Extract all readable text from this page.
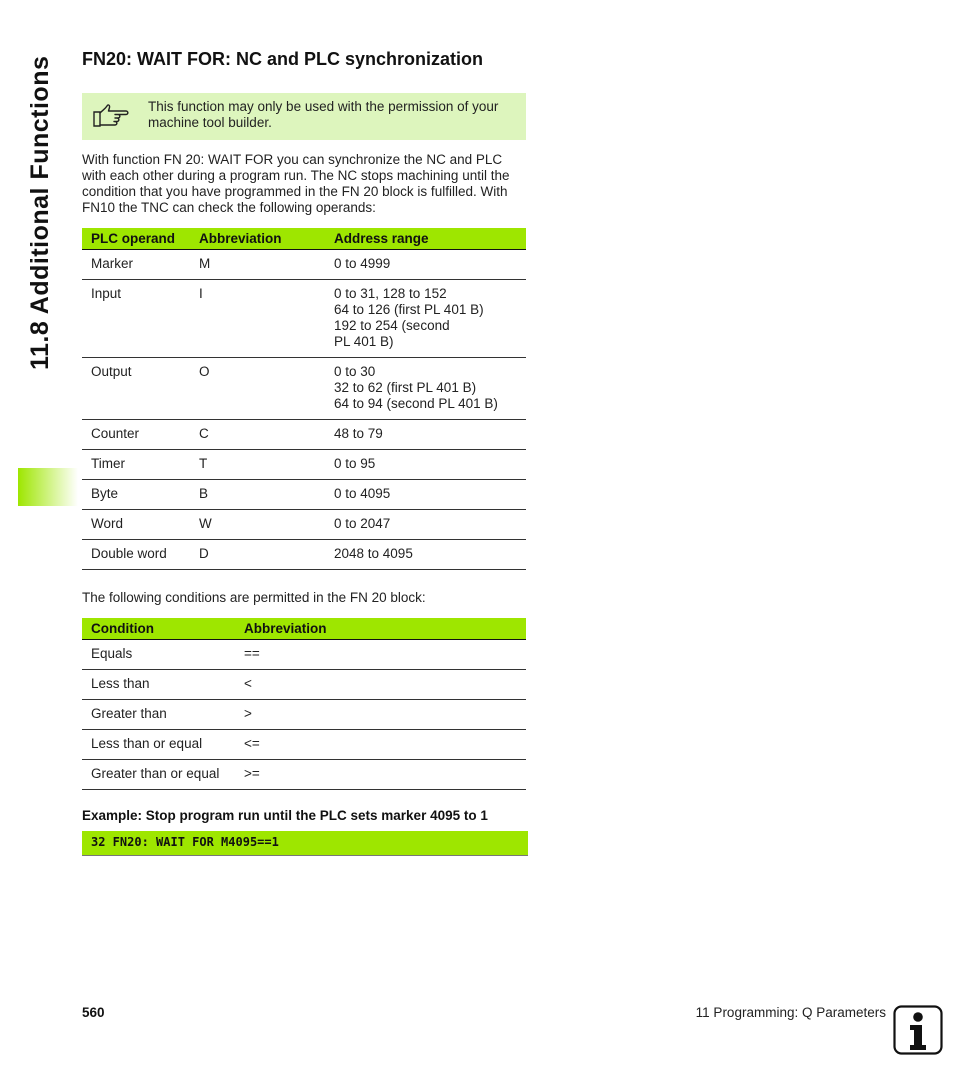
11.8 Additional Functions FN20: WAIT FOR: NC and PLC synchronization
This function may only be used with the permission of your machine tool builder.

With function FN 20: WAIT FOR you can synchronize the NC and PLC with each other during a program run. The NC stops machining until the condition that you have programmed in the FN 20 block is fulfilled. With FN10 the TNC can check the following operands:

PLC operand	Abbreviation	Address range
Marker	M	0 to 4999
Input	I	0 to 31, 128 to 152
64 to 126 (first PL 401 B)
192 to 254 (second
PL 401 B)
Output	O	0 to 30
32 to 62 (first PL 401 B)
64 to 94 (second PL 401 B)
Counter	C	48 to 79
Timer	T	0 to 95
Byte	B	0 to 4095
Word	W	0 to 2047
Double word	D	2048 to 4095

The following conditions are permitted in the FN 20 block:

Condition	Abbreviation
Equals	==
Less than	<
Greater than	>
Less than or equal	<=
Greater than or equal	>=

Example: Stop program run until the PLC sets marker 4095 to 1

32 FN20: WAIT FOR M4095==1
560	11 Programming: Q Parameters
